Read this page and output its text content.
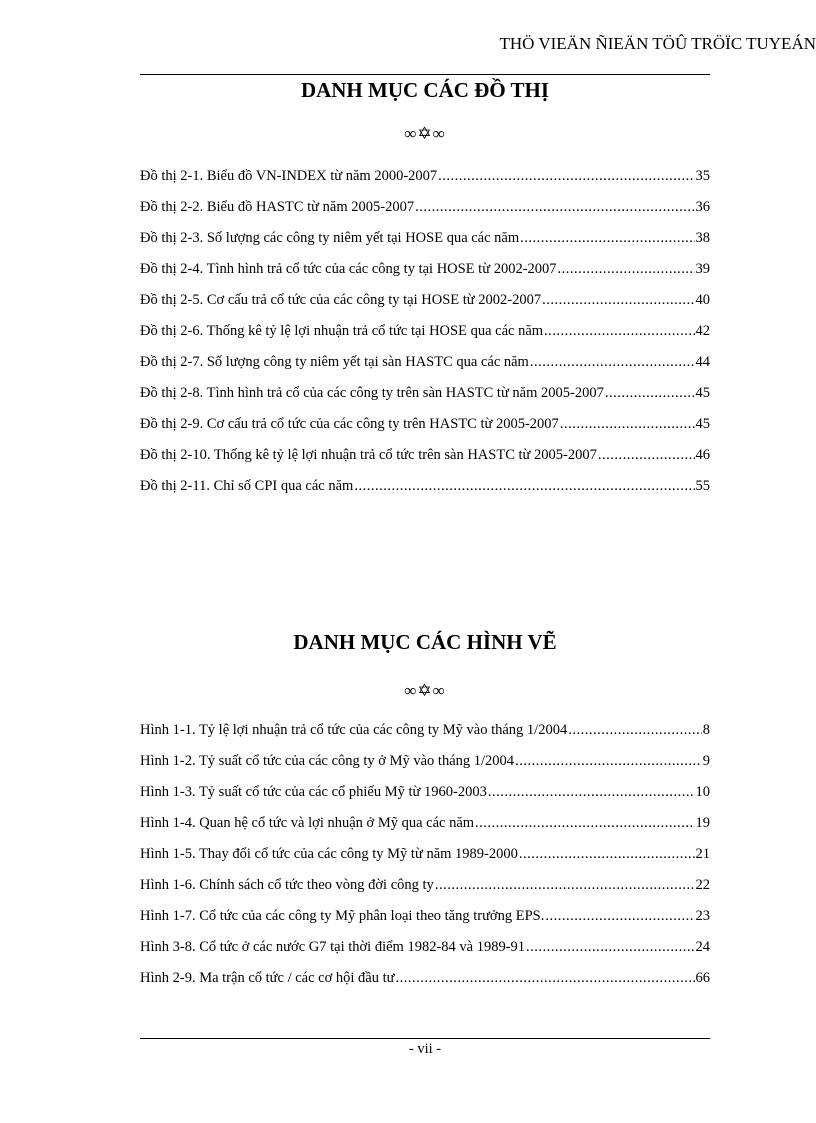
THÖ VIEÄN ÑIEÄN TÖÛ TRÖÏC TUYEÁN
DANH MỤC CÁC ĐỒ THỊ
∞✡∞
Đồ thị 2-1. Biểu đồ VN-INDEX từ năm 2000-2007 .....	35
Đồ thị 2-2. Biểu đồ HASTC từ năm 2005-2007 .....	36
Đồ thị 2-3. Số lượng các công ty niêm yết tại HOSE qua các năm .....	38
Đồ thị 2-4. Tình hình trả cổ tức của các công ty tại HOSE từ 2002-2007 .....	39
Đồ thị 2-5. Cơ cấu trả cổ tức của các công ty tại HOSE từ 2002-2007 .....	40
Đồ thị 2-6. Thống kê tỷ lệ lợi nhuận trả cổ tức tại HOSE qua các năm .....	42
Đồ thị 2-7. Số lượng công ty niêm yết tại sàn HASTC qua các năm .....	44
Đồ thị 2-8. Tình hình trả cổ của các công ty trên sàn HASTC từ năm 2005-2007 .....	45
Đồ thị 2-9. Cơ cấu trả cổ tức của các công ty trên HASTC từ 2005-2007 .....	45
Đồ thị 2-10. Thống kê tỷ lệ lợi nhuận trả cổ tức trên sàn HASTC từ 2005-2007 .....	46
Đồ thị 2-11. Chỉ số CPI qua các năm .....	55
DANH MỤC CÁC HÌNH VẼ
∞✡∞
Hình 1-1. Tỷ lệ lợi nhuận trả cổ tức của các công ty Mỹ vào tháng 1/2004 .....	8
Hình 1-2. Tỷ suất cổ tức của các công ty ở Mỹ vào tháng 1/2004 .....	9
Hình 1-3. Tỷ suất cổ tức của các cổ phiếu Mỹ từ 1960-2003 .....	10
Hình 1-4. Quan hệ cổ tức và lợi nhuận ở Mỹ qua các năm .....	19
Hình 1-5. Thay đổi cổ tức của các công ty Mỹ từ năm 1989-2000 .....	21
Hình 1-6. Chính sách cổ tức theo vòng đời công ty .....	22
Hình 1-7. Cổ tức của các công ty Mỹ phân loại theo tăng trưởng EPS. .....	23
Hình 3-8. Cổ tức ở các nước G7 tại thời điểm 1982-84 và 1989-91 .....	24
Hình 2-9. Ma trận cổ tức / các cơ hội đầu tư .....	66
- vii -
